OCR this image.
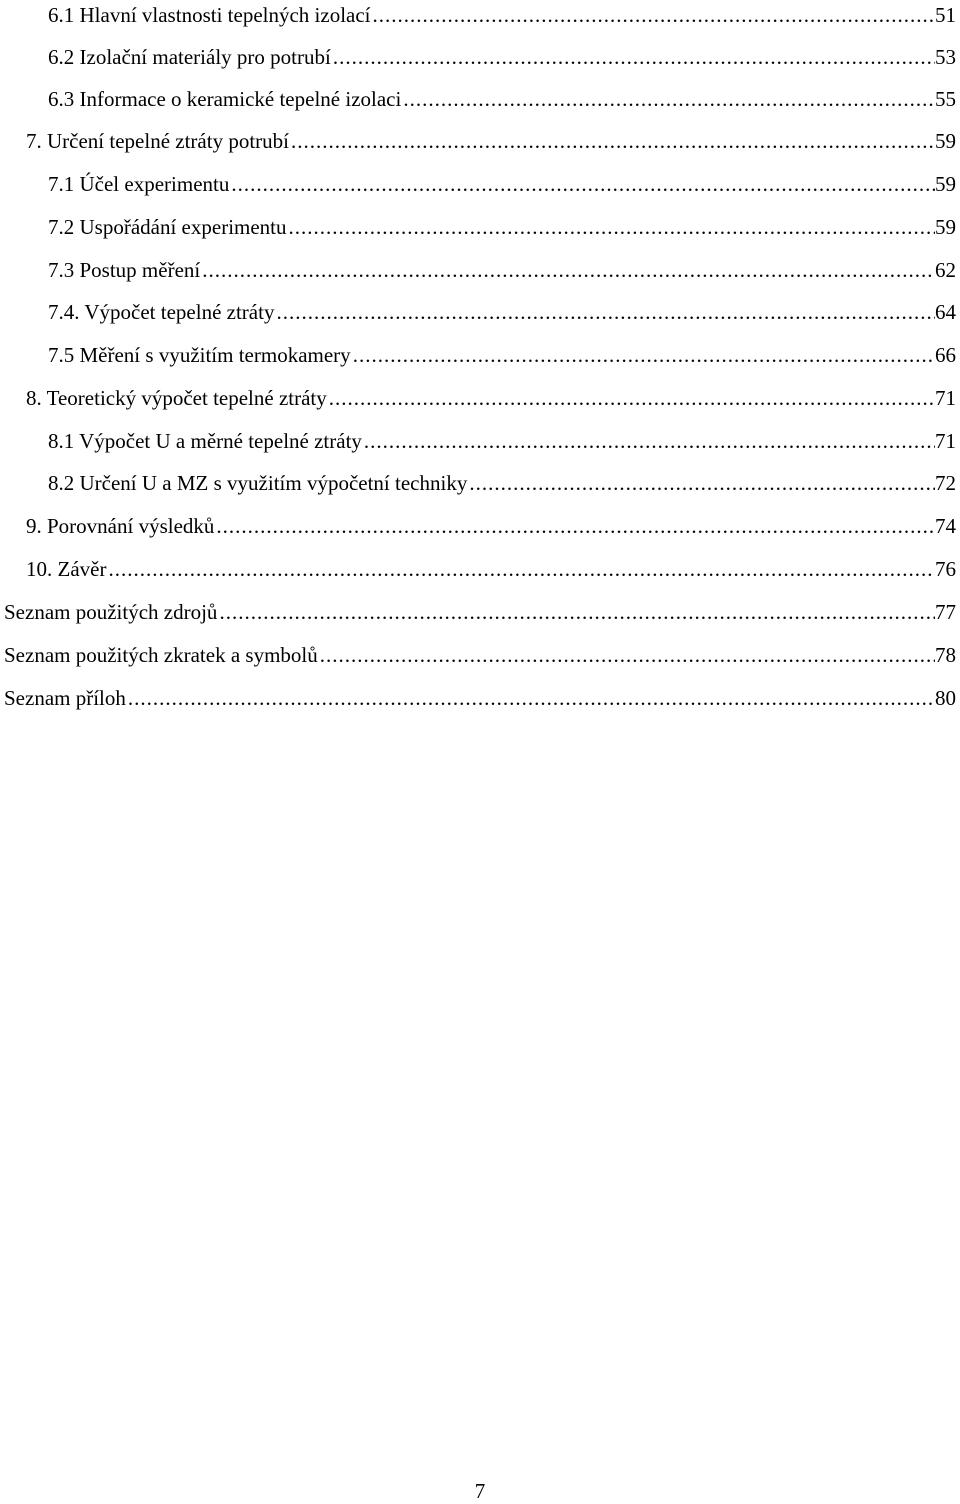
6.1 Hlavní vlastnosti tepelných izolací .....	51
6.2 Izolační materiály pro potrubí .....	53
6.3 Informace o keramické tepelné izolaci .....	55
7. Určení tepelné ztráty potrubí .....	59
7.1 Účel experimentu .....	59
7.2 Uspořádání experimentu .....	59
7.3 Postup měření .....	62
7.4. Výpočet tepelné ztráty .....	64
7.5 Měření s využitím termokamery .....	66
8. Teoretický výpočet tepelné ztráty .....	71
8.1 Výpočet U a měrné tepelné ztráty .....	71
8.2 Určení U a MZ s využitím výpočetní techniky .....	72
9. Porovnání výsledků .....	74
10. Závěr .....	76
Seznam použitých zdrojů .....	77
Seznam použitých zkratek a symbolů .....	78
Seznam příloh .....	80
7
